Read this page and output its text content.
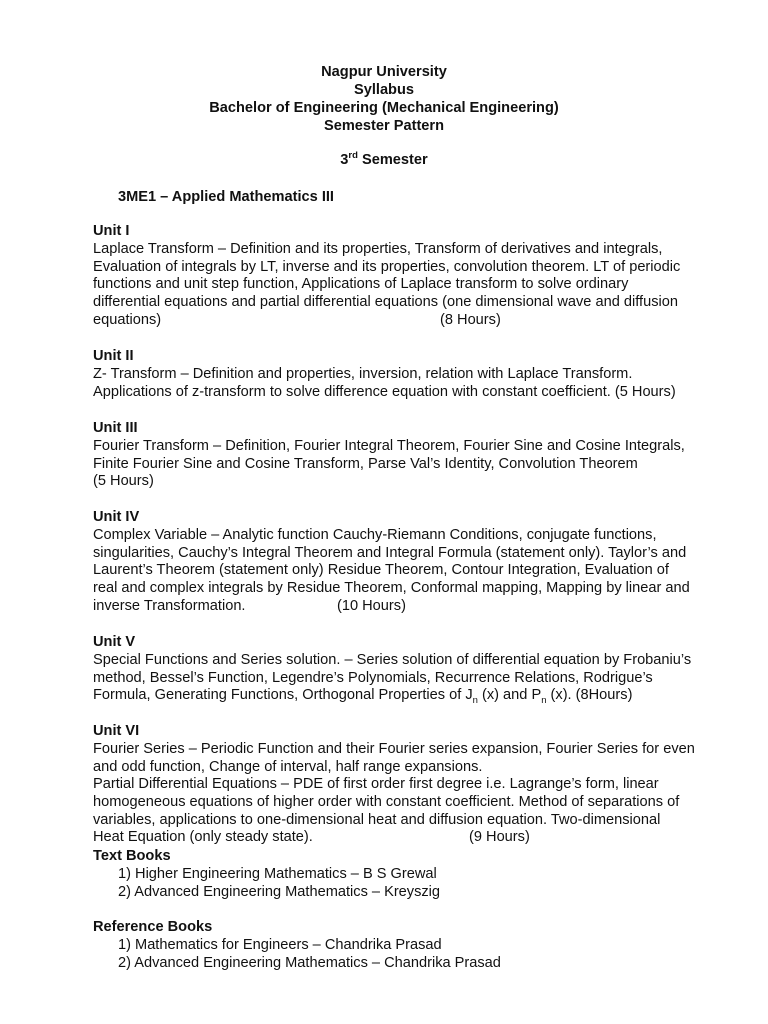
Nagpur University
Syllabus
Bachelor of Engineering (Mechanical Engineering)
Semester Pattern
3rd Semester
3ME1 – Applied Mathematics III
Unit I
Laplace Transform – Definition and its properties, Transform of derivatives and integrals,
Evaluation of integrals by LT, inverse and its properties, convolution theorem. LT of periodic
functions and unit step function, Applications of Laplace transform to solve ordinary
differential equations and partial differential equations (one dimensional wave and diffusion
equations)	(8 Hours)
Unit II
Z- Transform – Definition and properties, inversion, relation with Laplace Transform.
Applications of z-transform to solve difference equation with constant coefficient. (5 Hours)
Unit III
Fourier Transform – Definition, Fourier Integral Theorem, Fourier Sine and Cosine Integrals,
Finite Fourier Sine and Cosine Transform, Parse Val’s Identity, Convolution Theorem
(5 Hours)
Unit IV
Complex Variable – Analytic function Cauchy-Riemann Conditions, conjugate functions,
singularities, Cauchy’s Integral Theorem and Integral Formula (statement only). Taylor’s and
Laurent’s Theorem (statement only) Residue Theorem, Contour Integration, Evaluation of
real and complex integrals by Residue Theorem, Conformal mapping, Mapping by linear and
inverse Transformation.	(10 Hours)
Unit V
Special Functions and Series solution. – Series solution of differential equation by Frobaniu’s
method, Bessel’s Function, Legendre’s Polynomials, Recurrence Relations, Rodrigue’s
Formula, Generating Functions, Orthogonal Properties of $J_n$ (x) and $P_n$ (x). (8Hours)
Unit VI
Fourier Series – Periodic Function and their Fourier series expansion, Fourier Series for even
and odd function, Change of interval, half range expansions.
Partial Differential Equations – PDE of first order first degree i.e. Lagrange’s form, linear
homogeneous equations of higher order with constant coefficient. Method of separations of
variables, applications to one-dimensional heat and diffusion equation. Two-dimensional
Heat Equation (only steady state).	(9 Hours)
Text Books
1) Higher Engineering Mathematics – B S Grewal
2) Advanced Engineering Mathematics – Kreyszig
Reference Books
1) Mathematics for Engineers – Chandrika Prasad
2) Advanced Engineering Mathematics – Chandrika Prasad
